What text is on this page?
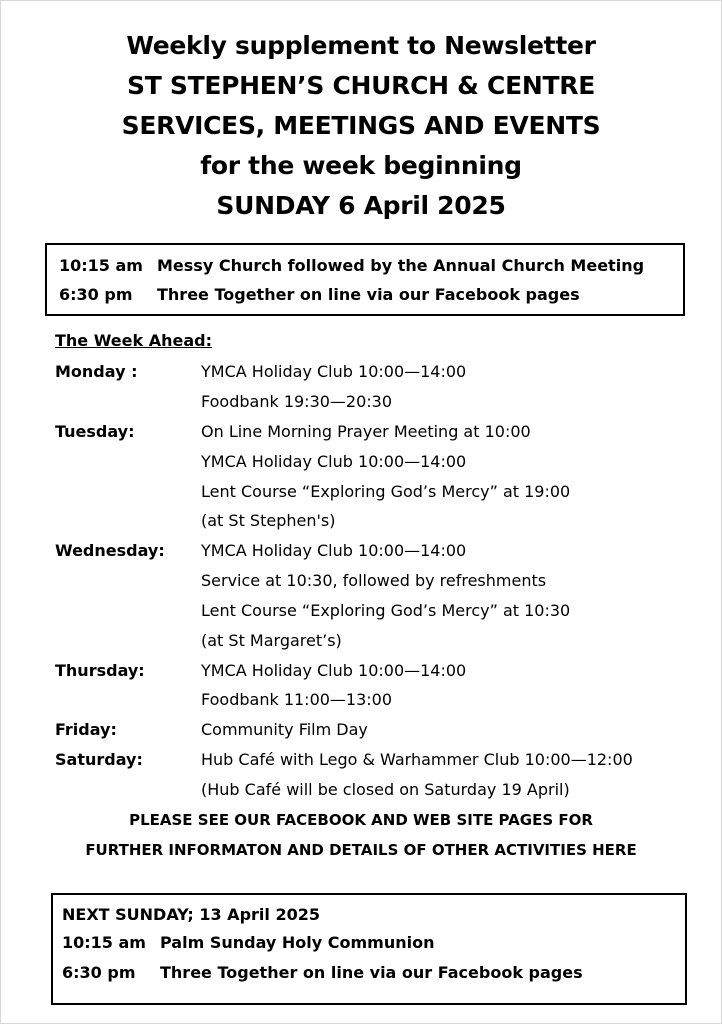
Weekly supplement to Newsletter
ST STEPHEN’S CHURCH & CENTRE
SERVICES, MEETINGS AND EVENTS
for the week beginning
SUNDAY 6 April 2025
10:15 am Messy Church followed by the Annual Church Meeting
6:30 pm Three Together on line via our Facebook pages
The Week Ahead:
Monday :	YMCA Holiday Club 10:00—14:00
Foodbank 19:30—20:30
Tuesday:	On Line Morning Prayer Meeting at 10:00
YMCA Holiday Club 10:00—14:00
Lent Course “Exploring God’s Mercy” at 19:00
(at St Stephen's)
Wednesday: YMCA Holiday Club 10:00—14:00
Service at 10:30, followed by refreshments
Lent Course “Exploring God’s Mercy” at 10:30
(at St Margaret’s)
Thursday:	YMCA Holiday Club 10:00—14:00
Foodbank 11:00—13:00
Friday:	Community Film Day
Saturday:	Hub Café with Lego & Warhammer Club 10:00—12:00
(Hub Café will be closed on Saturday 19 April)
PLEASE SEE OUR FACEBOOK AND WEB SITE PAGES FOR
FURTHER INFORMATON AND DETAILS OF OTHER ACTIVITIES HERE
NEXT SUNDAY; 13 April 2025
10:15 am Palm Sunday Holy Communion
6:30 pm Three Together on line via our Facebook pages
